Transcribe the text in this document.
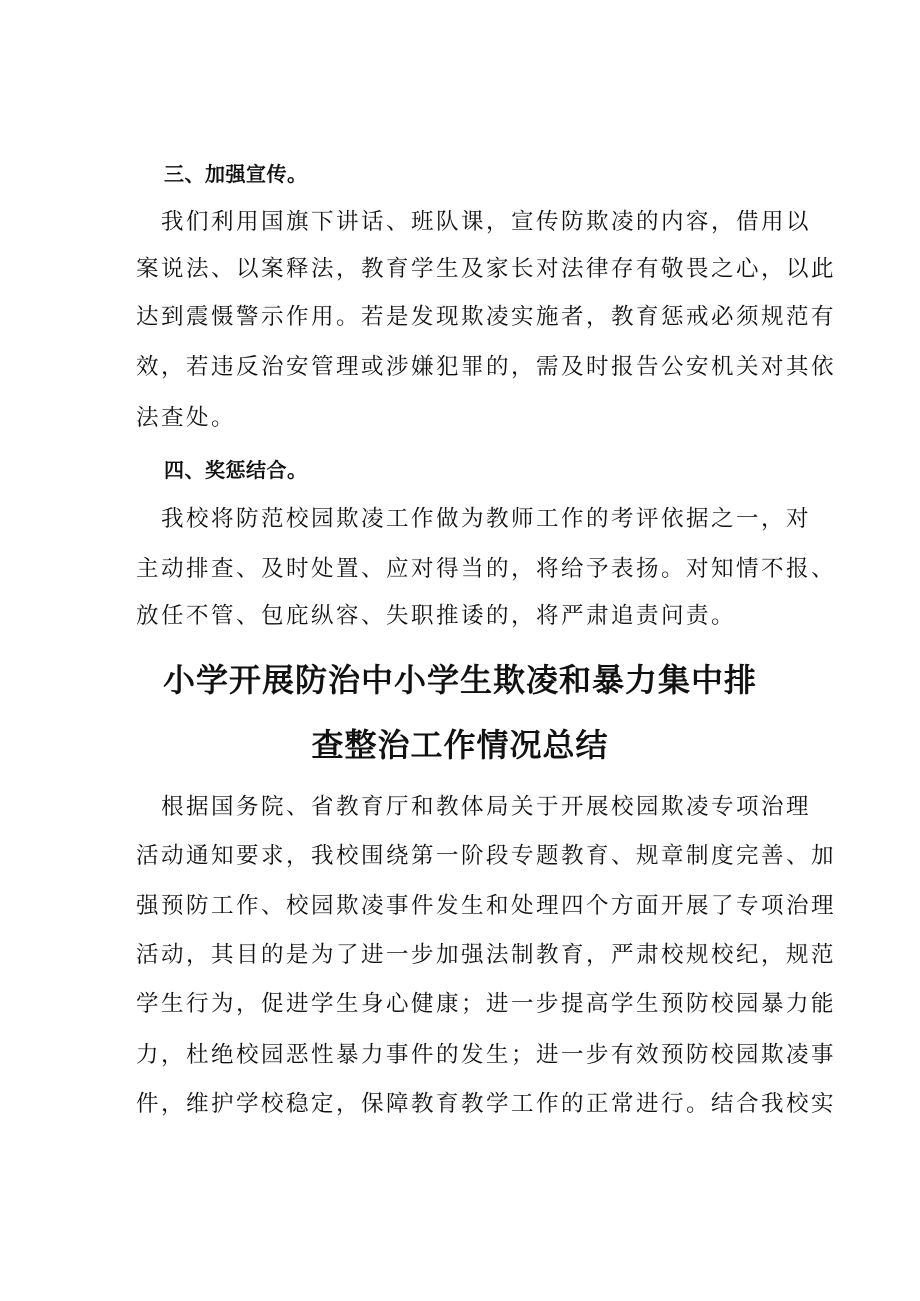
三、加强宣传。
　我们利用国旗下讲话、班队课，宣传防欺凌的内容，借用以
案说法、以案释法，教育学生及家长对法律存有敬畏之心，以此
达到震慑警示作用。若是发现欺凌实施者，教育惩戒必须规范有
效，若违反治安管理或涉嫌犯罪的，需及时报告公安机关对其依
法查处。
四、奖惩结合。
　我校将防范校园欺凌工作做为教师工作的考评依据之一，对
主动排查、及时处置、应对得当的，将给予表扬。对知情不报、
放任不管、包庇纵容、失职推诿的，将严肃追责问责。
小学开展防治中小学生欺凌和暴力集中排
查整治工作情况总结
　根据国务院、省教育厅和教体局关于开展校园欺凌专项治理
活动通知要求，我校围绕第一阶段专题教育、规章制度完善、加
强预防工作、校园欺凌事件发生和处理四个方面开展了专项治理
活动，其目的是为了进一步加强法制教育，严肃校规校纪，规范
学生行为，促进学生身心健康；进一步提高学生预防校园暴力能
力，杜绝校园恶性暴力事件的发生；进一步有效预防校园欺凌事
件，维护学校稳定，保障教育教学工作的正常进行。结合我校实
